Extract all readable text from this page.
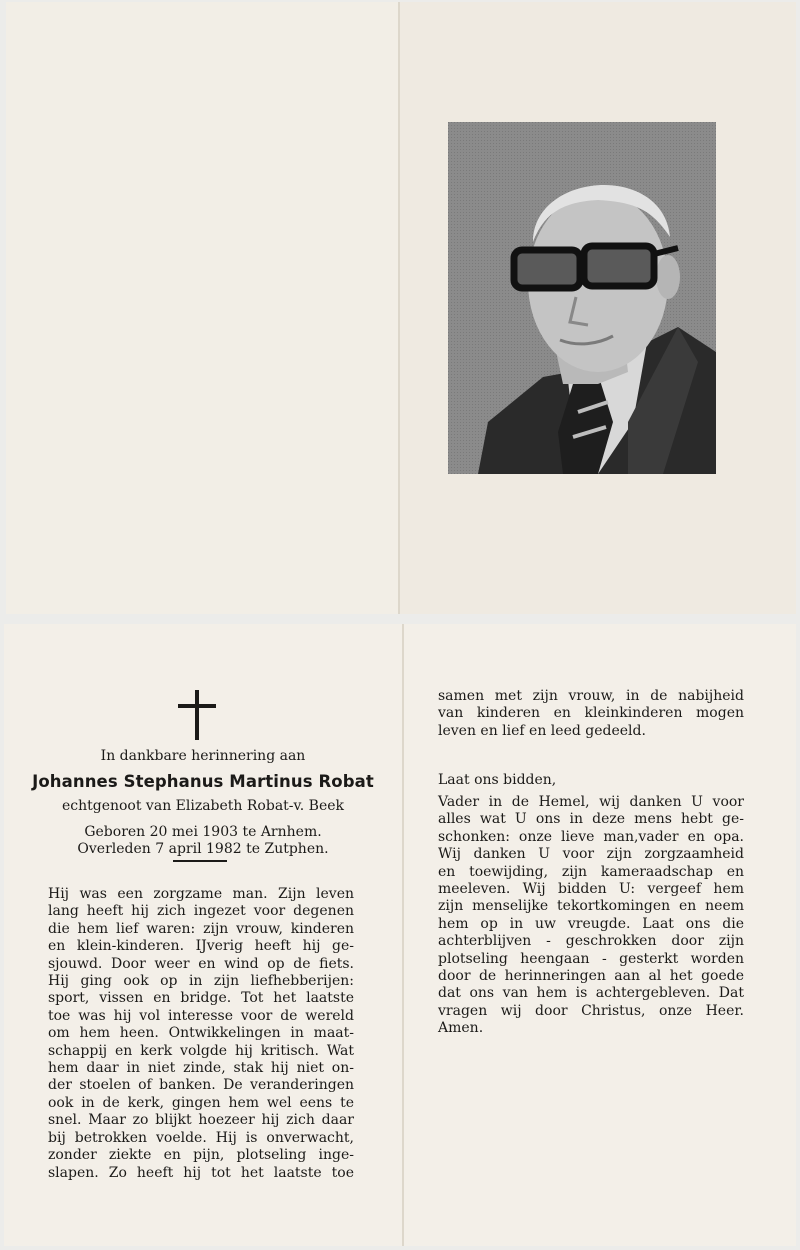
In dankbare herinnering aan
Johannes Stephanus Martinus Robat
echtgenoot van Elizabeth Robat-v. Beek
Geboren 20 mei 1903 te Arnhem.
Overleden 7 april 1982 te Zutphen.
Hij was een zorgzame man. Zijn leven
lang heeft hij zich ingezet voor degenen
die hem lief waren: zijn vrouw, kinderen
en klein-kinderen. IJverig heeft hij ge-
sjouwd. Door weer en wind op de fiets.
Hij ging ook op in zijn liefhebberijen:
sport, vissen en bridge. Tot het laatste
toe was hij vol interesse voor de wereld
om hem heen. Ontwikkelingen in maat-
schappij en kerk volgde hij kritisch. Wat
hem daar in niet zinde, stak hij niet on-
der stoelen of banken. De veranderingen
ook in de kerk, gingen hem wel eens te
snel. Maar zo blijkt hoezeer hij zich daar
bij betrokken voelde. Hij is onverwacht,
zonder ziekte en pijn, plotseling inge-
slapen. Zo heeft hij tot het laatste toe
samen met zijn vrouw, in de nabijheid
van kinderen en kleinkinderen mogen
leven en lief en leed gedeeld.
Laat ons bidden,
Vader in de Hemel, wij danken U voor
alles wat U ons in deze mens hebt ge-
schonken: onze lieve man,vader en opa.
Wij danken U voor zijn zorgzaamheid
en toewijding, zijn kameraadschap en
meeleven. Wij bidden U: vergeef hem
zijn menselijke tekortkomingen en neem
hem op in uw vreugde. Laat ons die
achterblijven - geschrokken door zijn
plotseling heengaan - gesterkt worden
door de herinneringen aan al het goede
dat ons van hem is achtergebleven. Dat
vragen wij door Christus, onze Heer.
Amen.
